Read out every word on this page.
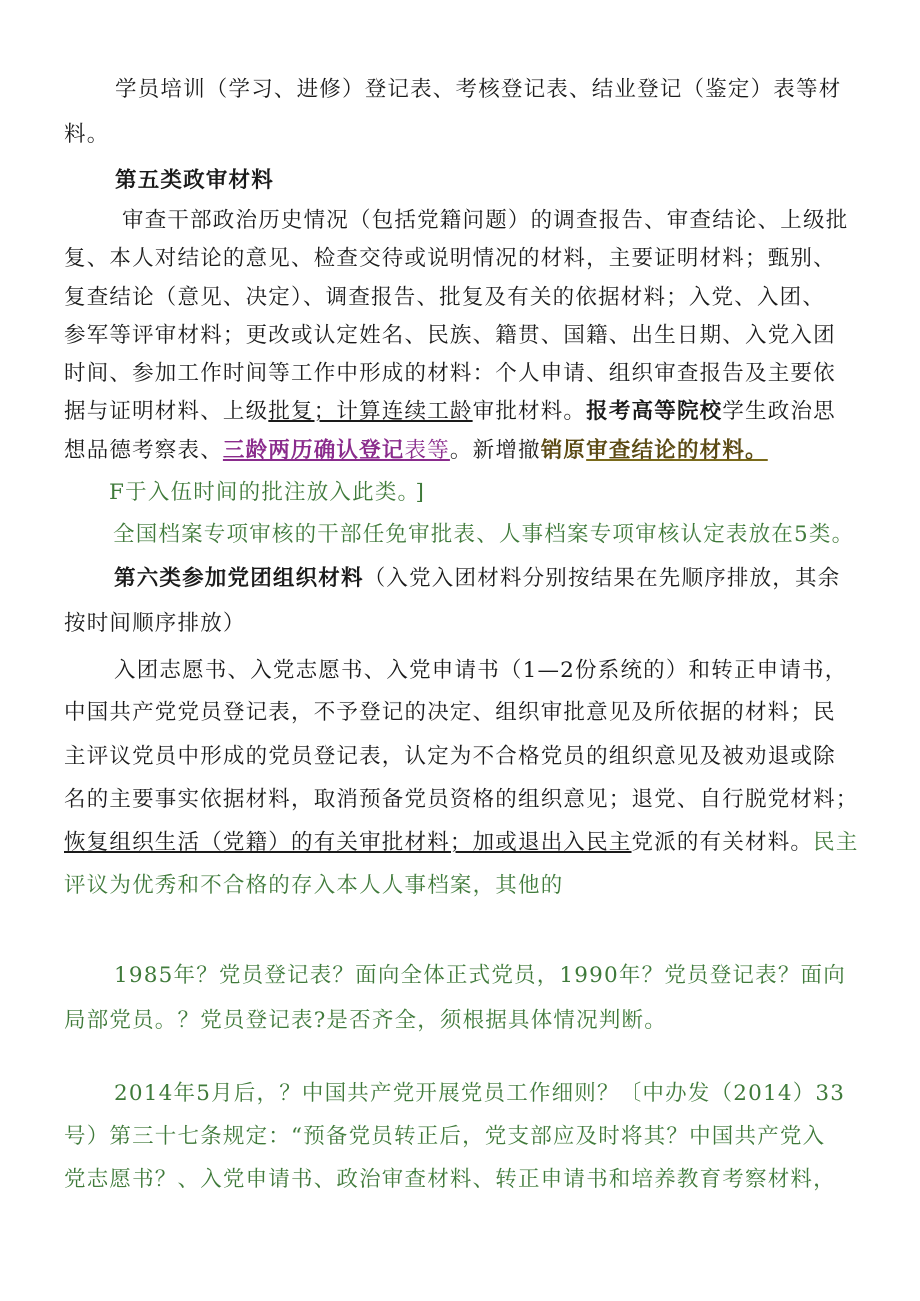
学员培训（学习、进修）登记表、考核登记表、结业登记（鉴定）表等材
料。
第五类政审材料
审查干部政治历史情况（包括党籍问题）的调查报告、审查结论、上级批
复、本人对结论的意见、检查交待或说明情况的材料，主要证明材料；甄别、
复查结论（意见、决定）、调查报告、批复及有关的依据材料；入党、入团、
参军等评审材料；更改或认定姓名、民族、籍贯、国籍、出生日期、入党入团
时间、参加工作时间等工作中形成的材料：个人申请、组织审查报告及主要依
据与证明材料、上级批复；计算连续工龄审批材料。报考高等院校学生政治思
想品德考察表、三龄两历确认登记表等。新增撤销原审查结论的材料。
F于入伍时间的批注放入此类。 ]
全国档案专项审核的干部任免审批表、人事档案专项审核认定表放在5类。
第六类参加党团组织材料（入党入团材料分别按结果在先顺序排放，其余
按时间顺序排放）
入团志愿书、入党志愿书、入党申请书（1—2份系统的）和转正申请书，
中国共产党党员登记表，不予登记的决定、组织审批意见及所依据的材料；民
主评议党员中形成的党员登记表，认定为不合格党员的组织意见及被劝退或除
名的主要事实依据材料，取消预备党员资格的组织意见；退党、自行脱党材料；
恢复组织生活（党籍）的有关审批材料；加或退出入民主党派的有关材料。民主
评议为优秀和不合格的存入本人人事档案，其他的
1985年？党员登记表？面向全体正式党员，1990年？党员登记表？面向
局部党员。？党员登记表?是否齐全，须根据具体情况判断。
2014年5月后，？中国共产党开展党员工作细则？〔中办发（2014）33
号）第三十七条规定：“预备党员转正后，党支部应及时将其？中国共产党入
党志愿书？、入党申请书、政治审查材料、转正申请书和培养教育考察材料，
